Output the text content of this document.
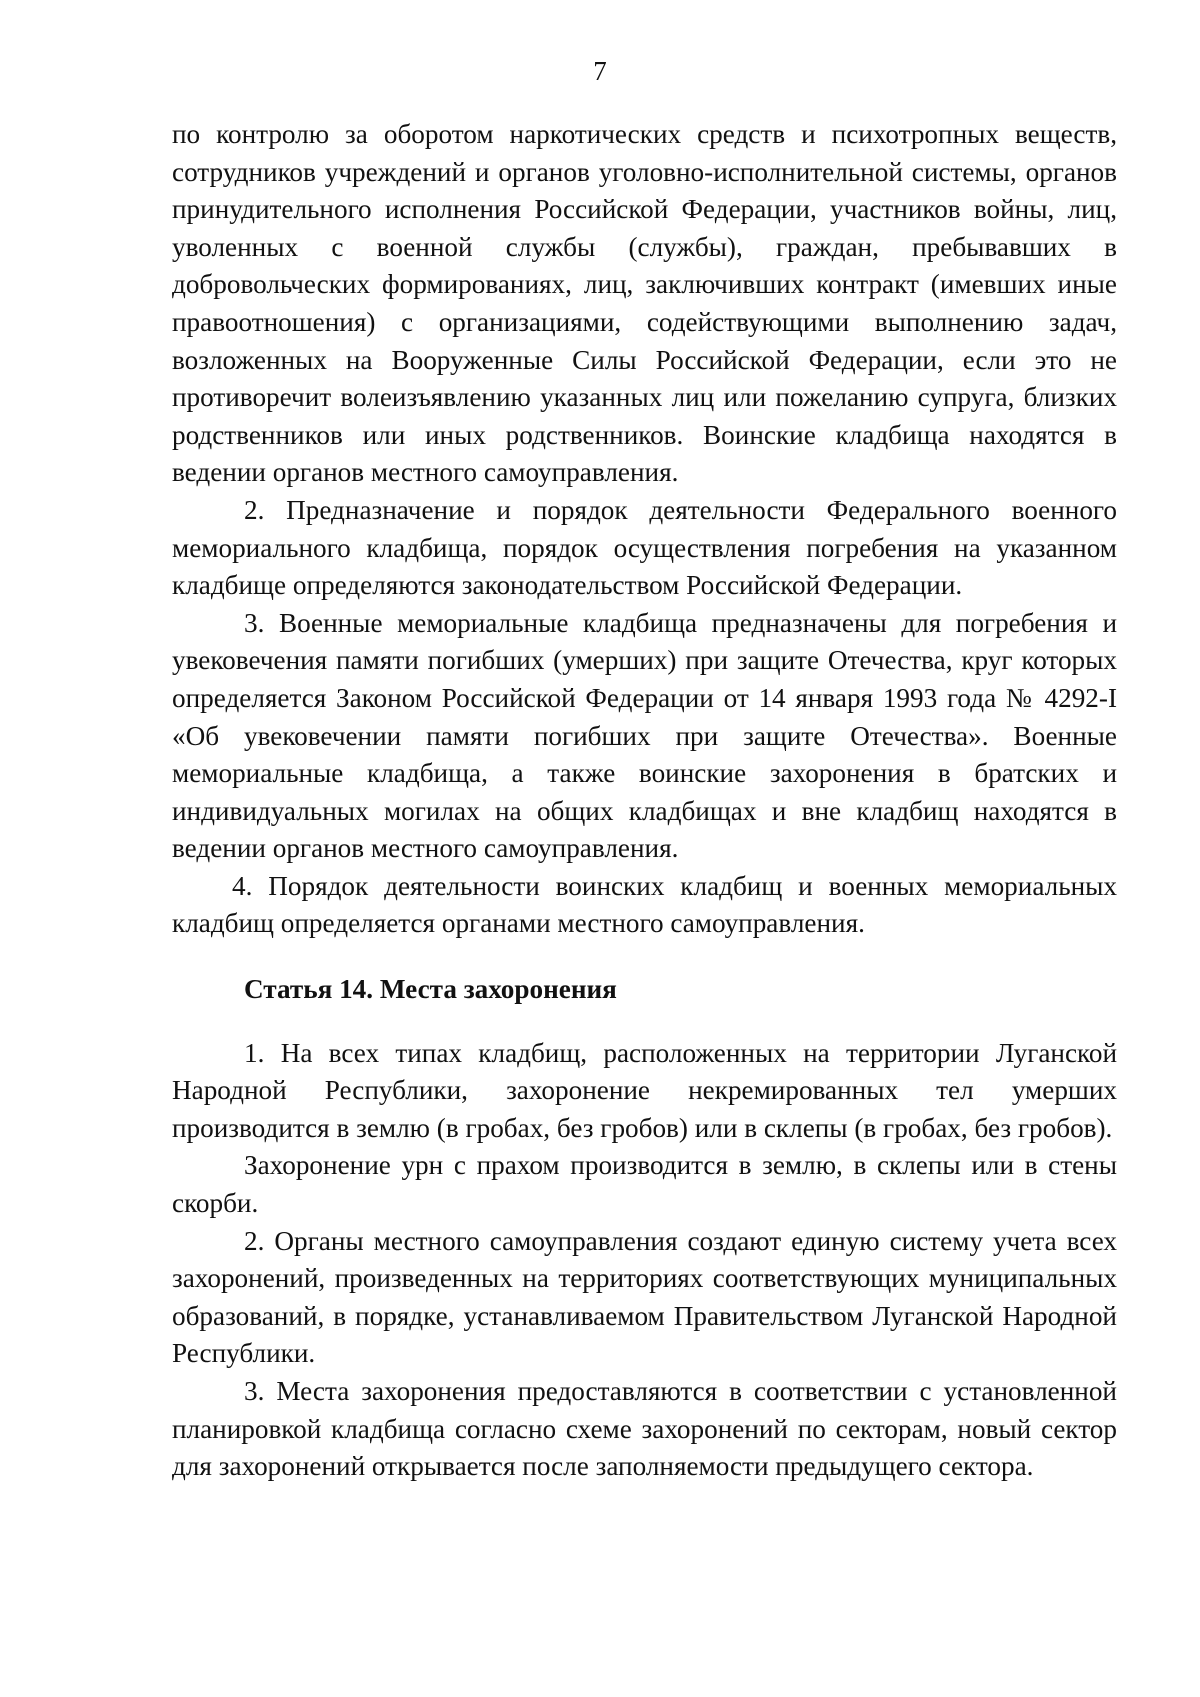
7

по контролю за оборотом наркотических средств и психотропных веществ, сотрудников учреждений и органов уголовно-исполнительной системы, органов принудительного исполнения Российской Федерации, участников войны, лиц, уволенных с военной службы (службы), граждан, пребывавших в добровольческих формированиях, лиц, заключивших контракт (имевших иные правоотношения) с организациями, содействующими выполнению задач, возложенных на Вооруженные Силы Российской Федерации, если это не противоречит волеизъявлению указанных лиц или пожеланию супруга, близких родственников или иных родственников. Воинские кладбища находятся в ведении органов местного самоуправления.

2. Предназначение и порядок деятельности Федерального военного мемориального кладбища, порядок осуществления погребения на указанном кладбище определяются законодательством Российской Федерации.

3. Военные мемориальные кладбища предназначены для погребения и увековечения памяти погибших (умерших) при защите Отечества, круг которых определяется Законом Российской Федерации от 14 января 1993 года № 4292-I «Об увековечении памяти погибших при защите Отечества». Военные мемориальные кладбища, а также воинские захоронения в братских и индивидуальных могилах на общих кладбищах и вне кладбищ находятся в ведении органов местного самоуправления.

4. Порядок деятельности воинских кладбищ и военных мемориальных кладбищ определяется органами местного самоуправления.

Статья 14. Места захоронения

1. На всех типах кладбищ, расположенных на территории Луганской Народной Республики, захоронение некремированных тел умерших производится в землю (в гробах, без гробов) или в склепы (в гробах, без гробов).

Захоронение урн с прахом производится в землю, в склепы или в стены скорби.

2. Органы местного самоуправления создают единую систему учета всех захоронений, произведенных на территориях соответствующих муниципальных образований, в порядке, устанавливаемом Правительством Луганской Народной Республики.

3. Места захоронения предоставляются в соответствии с установленной планировкой кладбища согласно схеме захоронений по секторам, новый сектор для захоронений открывается после заполняемости предыдущего сектора.
